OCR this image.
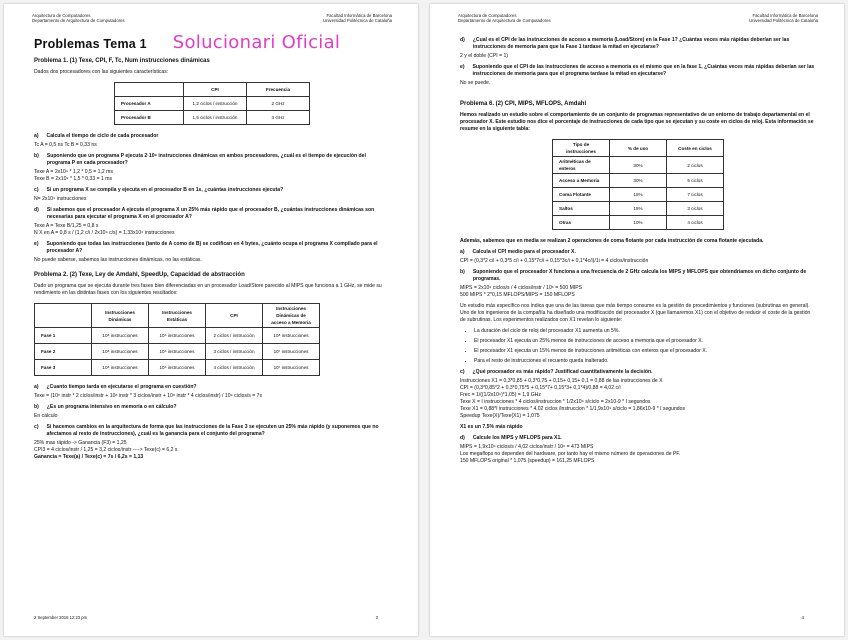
Arquitectura de Computadores
Departamento de Arquitectura de Computadores
Facultad Informática de Barcelona
Universidad Politécnica de Cataluña
Problemas Tema 1 Solucionari Oficial
Problema 1. (1) Texe, CPI, F, Tc, Num instrucciones dinámicas

Dados dos procesadores con las siguientes características:

	CPI	Frecuencia
Procesador A	1,2 ciclos / instrucción	2 GHz
Procesador B	1,5 ciclos / instrucción	3 GHz
a) Calcula el tiempo de ciclo de cada procesador

Tc A = 0,5 ns Tc B = 0,33 ns

b) Suponiendo que un programa P ejecuta 2·10⁹ instrucciones dinámicas en ambos procesadores, ¿cuál es el tiempo de ejecución del programa P en cada procesador?

Texe A = 2x10⁹ * 1,2 * 0,5 = 1,2 ms

Texe B = 2x10⁹ * 1,5 * 0,33 = 1 ms

c) Si un programa X se compila y ejecuta en el procesador B en 1s, ¿cuántas instrucciones ejecuta?

N= 2x10⁹ instrucciones

d) Si sabemos que el procesador A ejecuta el programa X un 25% más rápido que el procesador B, ¿cuántas instrucciones dinámicas son necesarias para ejecutar el programa X en el procesador A?

Texe A = Texe B/1,25 = 0,8 s

N X en A = 0,8 s / (1,2 c/i / 2x10⁹ c/s) = 1,33x10⁹ instrucciones

e) Suponiendo que todas las instrucciones (tanto de A como de B) se codifican en 4 bytes, ¿cuánto ocupa el programa X compilado para el procesador A?

No puede saberse, sabemos las instrucciones dinámicas, no las estáticas.

Problema 2. (2) Texe, Ley de Amdahl, SpeedUp, Capacidad de abstracción

Dado un programa que se ejecuta durante tres fases bien diferenciadas en un procesador Load/Store parecido al MIPS que funciona a 1 GHz, se mide su rendimiento en las distintas fases con los siguientes resultados:

	Instrucciones Dinámicas	Instrucciones Estáticas	CPI	Instrucciones Dinámicas de acceso a Memoria
Fase 1	10⁸ instrucciones	10⁶ instrucciones	2 ciclos / instrucción	10⁸ instrucciones
Fase 2	10⁸ instrucciones	10⁶ instrucciones	3 ciclos / instrucción	10⁷ instrucciones
Fase 3	10⁸ instrucciones	10⁶ instrucciones	4 ciclos / instrucción	10⁷ instrucciones
a) ¿Cuanto tiempo tarda en ejecutarse el programa en cuestión?

Texe = (10⁸ instr * 2 ciclos/instr + 10⁸ instr * 3 ciclos/instr + 10⁸ instr * 4 ciclos/instr) / 10⁹ ciclos/s = 7s

b) ¿Es un programa intensivo en memoria o en cálculo?

En cálculo

c) Si hacemos cambios en la arquitectura de forma que las instrucciones de la Fase 3 se ejecuten un 25% más rápido (y suponemos que no afectamos al resto de instrucciones), ¿cuál es la ganancia para el conjunto del programa?

25% mas rápido -> Ganancia (F3) = 1,25

CPI3 = 4 ciclos/instr / 1,25 = 3,2 ciclos/instr ----> Texe(c) = 6,2 s

Ganancia = Texe(a) / Texe(c) = 7s / 6,2s = 1,13

2 September 2016 12:23 pm	3
Arquitectura de Computadores
Departamento de Arquitectura de Computadores
Facultad Informática de Barcelona
Universidad Politécnica de Cataluña
d) ¿Cual es el CPI de las instrucciones de acceso a memoria (Load/Store) en la Fase 1? ¿Cuántas veces más rápidas deberían ser las instrucciones de memoria para que la Fase 1 tardase la mitad en ejecutarse?

2 y el doble (CPI = 1)

e) Suponiendo que el CPI de las instrucciones de acceso a memoria es el mismo que en la fase 1, ¿Cuántas veces más rápidas deberían ser las instrucciones de memoria para que el programa tardase la mitad en ejecutarse?

No se puede.

Problema 6. (2) CPI, MIPS, MFLOPS, Amdahl

Hemos realizado un estudio sobre el comportamiento de un conjunto de programas representativo de un entorno de trabajo departamental en el procesador X. Este estudio nos dice el porcentaje de instrucciones de cada tipo que se ejecutan y su coste en ciclos de reloj. Esta información se resume en la siguiente tabla:

Tipo de instrucciones	% de uso	Coste en ciclos
Aritméticas de enteros	30%	2 ciclos
Acceso a Memoria	30%	5 ciclos
Coma Flotante	15%	7 ciclos
Saltos	15%	3 ciclos
Otras	10%	4 ciclos

Además, sabemos que en media se realizan 2 operaciones de coma flotante por cada instrucción de coma flotante ejecutada.

a) Calcula el CPI medio para el procesador X.

CPI = (0,3*2 c/i + 0,3*5 c/i + 0,15*7c/i + 0,15*3c/i + 0,1*4c/i)/1i = 4 ciclos/instrucción

b) Suponiendo que el procesador X funciona a una frecuencia de 2 GHz calcula los MIPS y MFLOPS que obtendríamos en dicho conjunto de programas.

MIPS = 2x10⁹ ciclos/s / 4 ciclos/instr / 10⁶ = 500 MIPS

500 MIPS * 2*0,15 MFLOPS/MIPS = 150 MFLOPS

Un estudio más específico nos indica que una de las tareas que más tiempo consume es la gestión de procedimientos y funciones (subrutinas en general). Uno de los ingenieros de la compañía ha diseñado una modificación del procesador X (que llamaremos X1) con el objetivo de reducir el coste de la gestión de subrutinas. Los experimentos realizados con X1 revelan lo siguiente:

• La duración del ciclo de reloj del procesador X1 aumenta un 5%.
• El procesador X1 ejecuta un 25% menos de instrucciones de acceso a memoria que el procesador X.
• El procesador X1 ejecuta un 15% menos de instrucciones aritméticas con enteros que el procesador X.
• Para el resto de instrucciones el recuento queda inalterado.
c) ¿Qué procesador es más rápido? Justificad cuantitativamente la decisión.

Instrucciones X1 = 0,3*0,85 + 0,3*0,75 + 0,15+ 0,15+ 0,1 = 0,88 de las instrucciones de X

CPI = (0,3*0,85*2 + 0,3*0,75*5 + 0,15*7+ 0,15*3+ 0,1*4)/0,88 = 4,02 c/i

Frec = 1/((1/2x10⁹)*1,05) = 1,9 GHz

Texe X = I instrucciones * 4 ciclos/instruccion * 1/2x10⁹ s/ciclo = 2x10-9 * I segundos

Texe X1 = 0,88*I instrucciones * 4,02 ciclos /instruccion * 1/1,9x10⁹ s/ciclo = 1,86x10-9 * I segundos

Speedup Texe(X)/Texe(X1) = 1,075

X1 es un 7,5% más rápido

d) Calcule los MIPS y MFLOPS para X1.

MIPS = 1,9x10⁹ ciclos/s / 4,02 ciclos/instr / 10⁶ = 473 MIPS

Los megaflops no dependen del hardware, por tanto hay el mismo número de operaciones de PF.

150 MFLOPS original * 1,075 (speedup) = 161,25 MFLOPS

4
